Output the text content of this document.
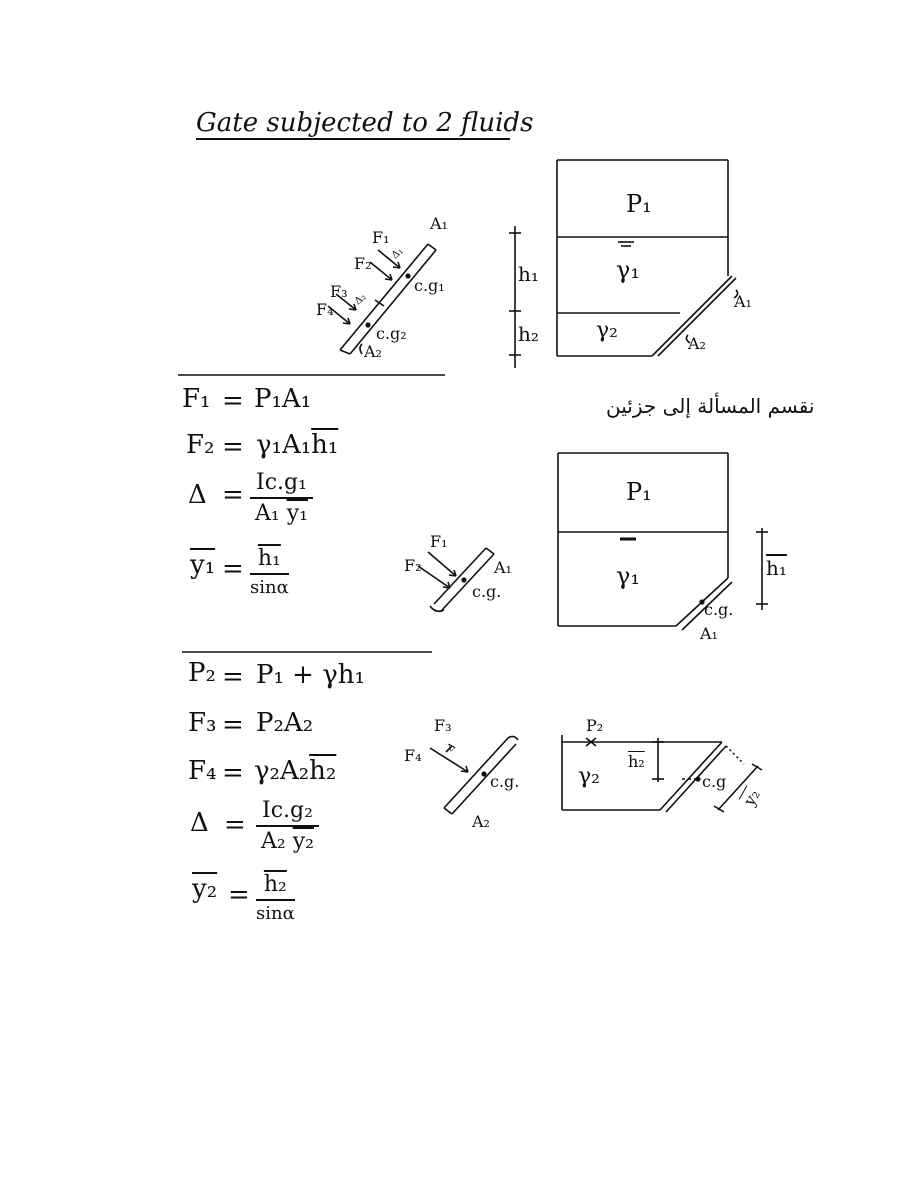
Gate subjected to 2 fluids
نقسم المسألة إلى جزئين
A₁
F₁
F₂
F₃
F₄
c.g₁
c.g₂
A₂
Δ₁
Δ₂
P₁
γ₁
γ₂
h₁
h₂
A₁
A₂
F₁ = P₁A₁
F₂ = γ₁A₁h₁
Δ = Ic.g₁
A₁ y₁
y₁ = h₁
sinα
F₁
F₂	A₁
c.g.
P₁
γ₁	h₁
c.g.
A₁
P₂ = P₁ + γh₁
F₃ = P₂A₂
F₄ = γ₂A₂h₂
Δ = Ic.g₂
A₂ y₂
y₂ = h₂
sinα
F₃
F₄
c.g.
A₂
Δ
P₂
γ₂
h₂
c.g
y₂
